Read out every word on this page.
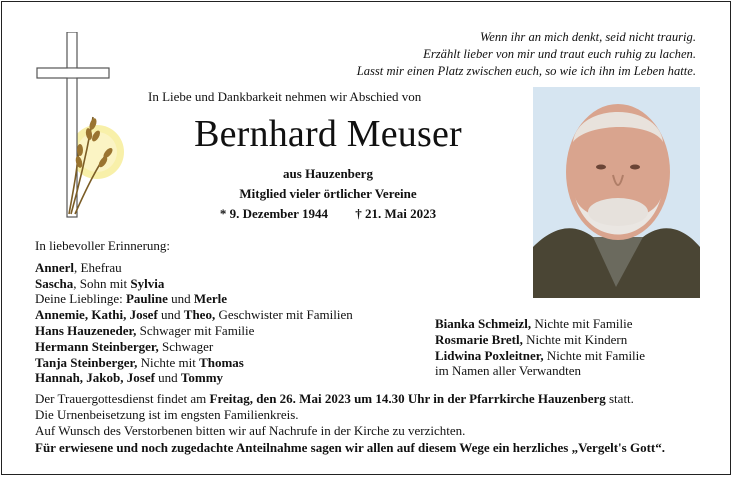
Wenn ihr an mich denkt, seid nicht traurig.
Erzählt lieber von mir und traut euch ruhig zu lachen.
Lasst mir einen Platz zwischen euch, so wie ich ihn im Leben hatte.
In Liebe und Dankbarkeit nehmen wir Abschied von
Bernhard Meuser
aus Hauzenberg
Mitglied vieler örtlicher Vereine
* 9. Dezember 1944 † 21. Mai 2023
In liebevoller Erinnerung:
Annerl, Ehefrau
Sascha, Sohn mit Sylvia
Deine Lieblinge: Pauline und Merle
Annemie, Kathi, Josef und Theo, Geschwister mit Familien
Hans Hauzeneder, Schwager mit Familie
Hermann Steinberger, Schwager
Tanja Steinberger, Nichte mit Thomas
Hannah, Jakob, Josef und Tommy
Bianka Schmeizl, Nichte mit Familie
Rosmarie Bretl, Nichte mit Kindern
Lidwina Poxleitner, Nichte mit Familie
im Namen aller Verwandten
Der Trauergottesdienst findet am Freitag, den 26. Mai 2023 um 14.30 Uhr in der Pfarrkirche Hauzenberg statt.
Die Urnenbeisetzung ist im engsten Familienkreis.
Auf Wunsch des Verstorbenen bitten wir auf Nachrufe in der Kirche zu verzichten.
Für erwiesene und noch zugedachte Anteilnahme sagen wir allen auf diesem Wege ein herzliches „Vergelt's Gott“.
